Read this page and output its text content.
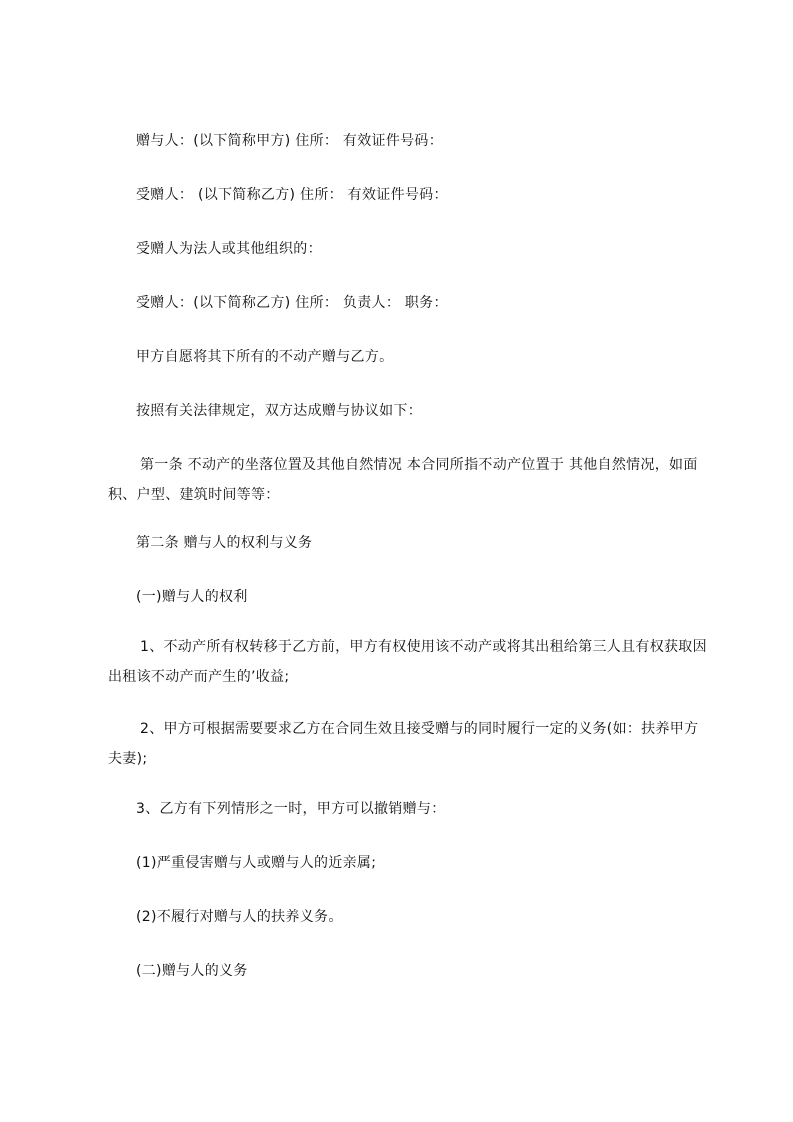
赠与人：(以下简称甲方) 住所： 有效证件号码：

受赠人： (以下简称乙方) 住所： 有效证件号码：

受赠人为法人或其他组织的：

受赠人：(以下简称乙方) 住所： 负责人： 职务：

甲方自愿将其下所有的不动产赠与乙方。

按照有关法律规定，双方达成赠与协议如下：

第一条 不动产的坐落位置及其他自然情况 本合同所指不动产位置于 其他自然情况，如面积、户型、建筑时间等等：

第二条 赠与人的权利与义务

(一)赠与人的权利

1、不动产所有权转移于乙方前，甲方有权使用该不动产或将其出租给第三人且有权获取因出租该不动产而产生的’收益;

2、甲方可根据需要要求乙方在合同生效且接受赠与的同时履行一定的义务(如：扶养甲方夫妻);

3、乙方有下列情形之一时，甲方可以撤销赠与：

(1)严重侵害赠与人或赠与人的近亲属;

(2)不履行对赠与人的扶养义务。

(二)赠与人的义务
